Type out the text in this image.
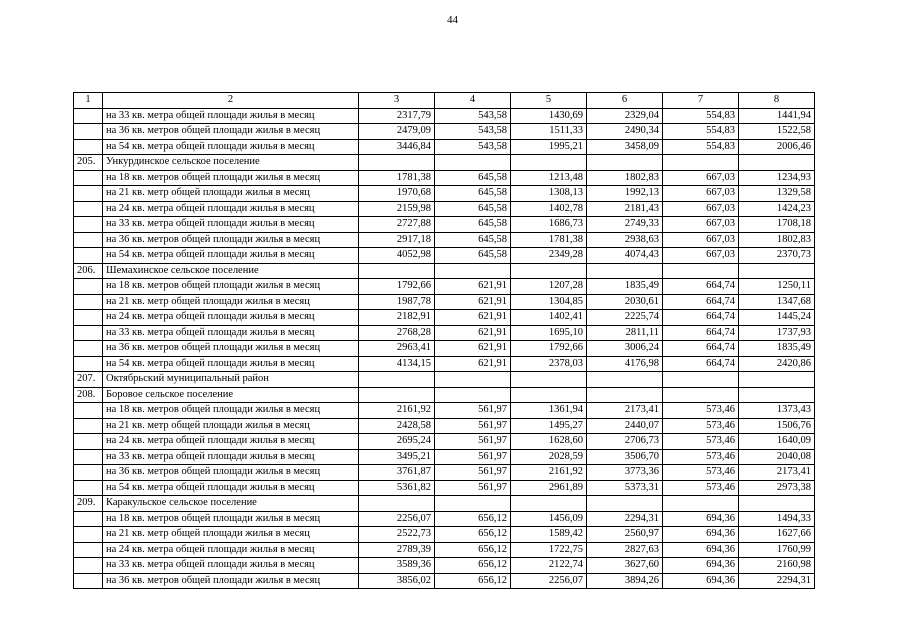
44
1	2	3	4	5	6	7	8
	на 33 кв. метра общей площади жилья в месяц	2317,79	543,58	1430,69	2329,04	554,83	1441,94
	на 36 кв. метров общей площади жилья в месяц	2479,09	543,58	1511,33	2490,34	554,83	1522,58
	на 54 кв. метра общей площади жилья в месяц	3446,84	543,58	1995,21	3458,09	554,83	2006,46
205.	Ункурдинское сельское поселение						
	на 18 кв. метров общей площади жилья в месяц	1781,38	645,58	1213,48	1802,83	667,03	1234,93
	на 21 кв. метр общей площади жилья в месяц	1970,68	645,58	1308,13	1992,13	667,03	1329,58
	на 24 кв. метра общей площади жилья в месяц	2159,98	645,58	1402,78	2181,43	667,03	1424,23
	на 33 кв. метра общей площади жилья в месяц	2727,88	645,58	1686,73	2749,33	667,03	1708,18
	на 36 кв. метров общей площади жилья в месяц	2917,18	645,58	1781,38	2938,63	667,03	1802,83
	на 54 кв. метра общей площади жилья в месяц	4052,98	645,58	2349,28	4074,43	667,03	2370,73
206.	Шемахинское сельское поселение						
	на 18 кв. метров общей площади жилья в месяц	1792,66	621,91	1207,28	1835,49	664,74	1250,11
	на 21 кв. метр общей площади жилья в месяц	1987,78	621,91	1304,85	2030,61	664,74	1347,68
	на 24 кв. метра общей площади жилья в месяц	2182,91	621,91	1402,41	2225,74	664,74	1445,24
	на 33 кв. метра общей площади жилья в месяц	2768,28	621,91	1695,10	2811,11	664,74	1737,93
	на 36 кв. метров общей площади жилья в месяц	2963,41	621,91	1792,66	3006,24	664,74	1835,49
	на 54 кв. метра общей площади жилья в месяц	4134,15	621,91	2378,03	4176,98	664,74	2420,86
207.	Октябрьский муниципальный район						
208.	Боровое сельское поселение						
	на 18 кв. метров общей площади жилья в месяц	2161,92	561,97	1361,94	2173,41	573,46	1373,43
	на 21 кв. метр общей площади жилья в месяц	2428,58	561,97	1495,27	2440,07	573,46	1506,76
	на 24 кв. метра общей площади жилья в месяц	2695,24	561,97	1628,60	2706,73	573,46	1640,09
	на 33 кв. метра общей площади жилья в месяц	3495,21	561,97	2028,59	3506,70	573,46	2040,08
	на 36 кв. метров общей площади жилья в месяц	3761,87	561,97	2161,92	3773,36	573,46	2173,41
	на 54 кв. метра общей площади жилья в месяц	5361,82	561,97	2961,89	5373,31	573,46	2973,38
209.	Каракульское сельское поселение						
	на 18 кв. метров общей площади жилья в месяц	2256,07	656,12	1456,09	2294,31	694,36	1494,33
	на 21 кв. метр общей площади жилья в месяц	2522,73	656,12	1589,42	2560,97	694,36	1627,66
	на 24 кв. метра общей площади жилья в месяц	2789,39	656,12	1722,75	2827,63	694,36	1760,99
	на 33 кв. метра общей площади жилья в месяц	3589,36	656,12	2122,74	3627,60	694,36	2160,98
	на 36 кв. метров общей площади жилья в месяц	3856,02	656,12	2256,07	3894,26	694,36	2294,31
